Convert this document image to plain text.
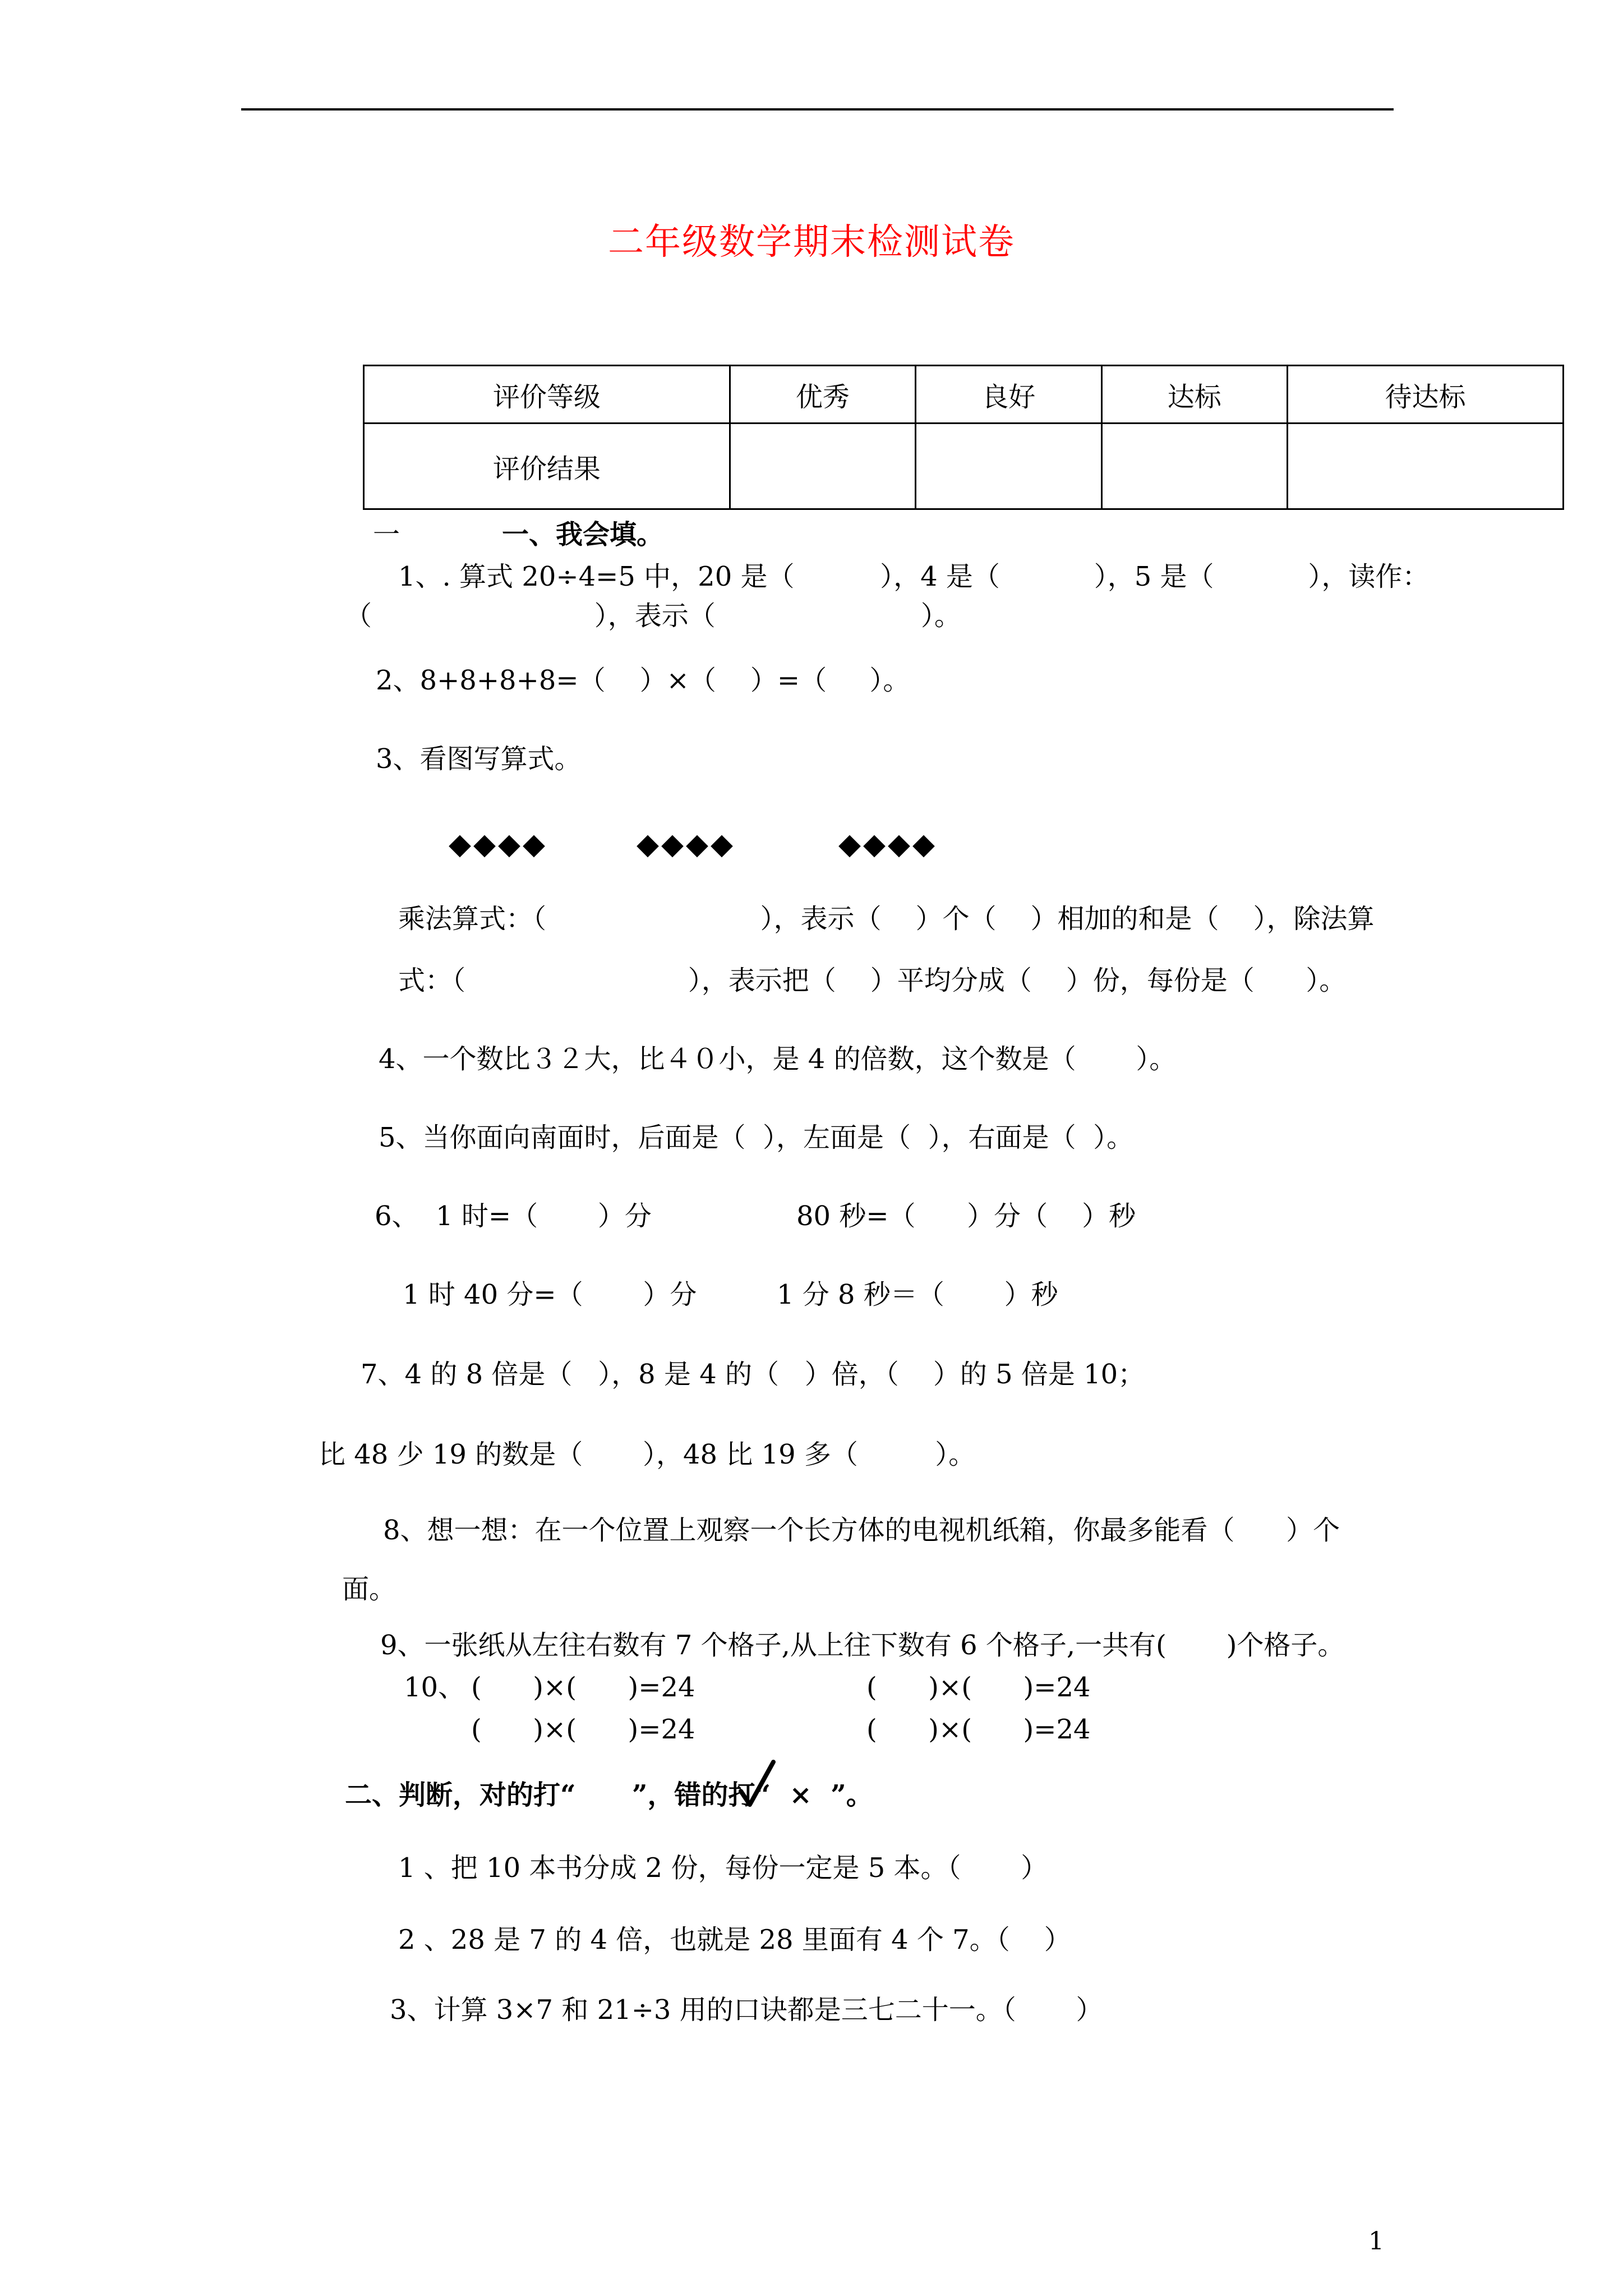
二年级数学期末检测试卷
评价等级	优秀	良好	达标	待达标
评价结果				
一	一、我会填。
1、. 算式 20÷4=5 中，20 是（          ），4 是（           ），5 是（           ），读作：
（                          ），表示（                        ）。
2、8+8+8+8=（    ）×（    ）=（     ）。
3、看图写算式。
◆◆◆◆	◆◆◆◆	◆◆◆◆
乘法算式：（                         ），表示（    ）个（    ）相加的和是（    ），除法算
式：（                          ），表示把（    ）平均分成（    ）份，每份是（      ）。
4、一个数比３２大，比４０小，是 4 的倍数，这个数是（       ）。
5、当你面向南面时，后面是（  ），左面是（  ），右面是（  ）。
6、  1 时=（       ）分	80 秒=（      ）分（    ）秒
1 时 40 分=（       ）分	1 分 8 秒＝（       ）秒
7、4 的 8 倍是（   ），8 是 4 的（   ）倍，（    ）的 5 倍是 10；
比 48 少 19 的数是（       ），48 比 19 多（         ）。
8、想一想：在一个位置上观察一个长方体的电视机纸箱，你最多能看（      ）个
面。
9、一张纸从左往右数有 7 个格子,从上往下数有 6 个格子,一共有(       )个格子。
10、 (      )×(      )=24	(      )×(      )=24
(      )×(      )=24	(      )×(      )=24
二、判断，对的打“      ”，错的打“  ×  ”。
1 、把 10 本书分成 2 份，每份一定是 5 本。（       ）
2 、28 是 7 的 4 倍，也就是 28 里面有 4 个 7。（    ）
3、计算 3×7 和 21÷3 用的口诀都是三七二十一。（       ）
1
